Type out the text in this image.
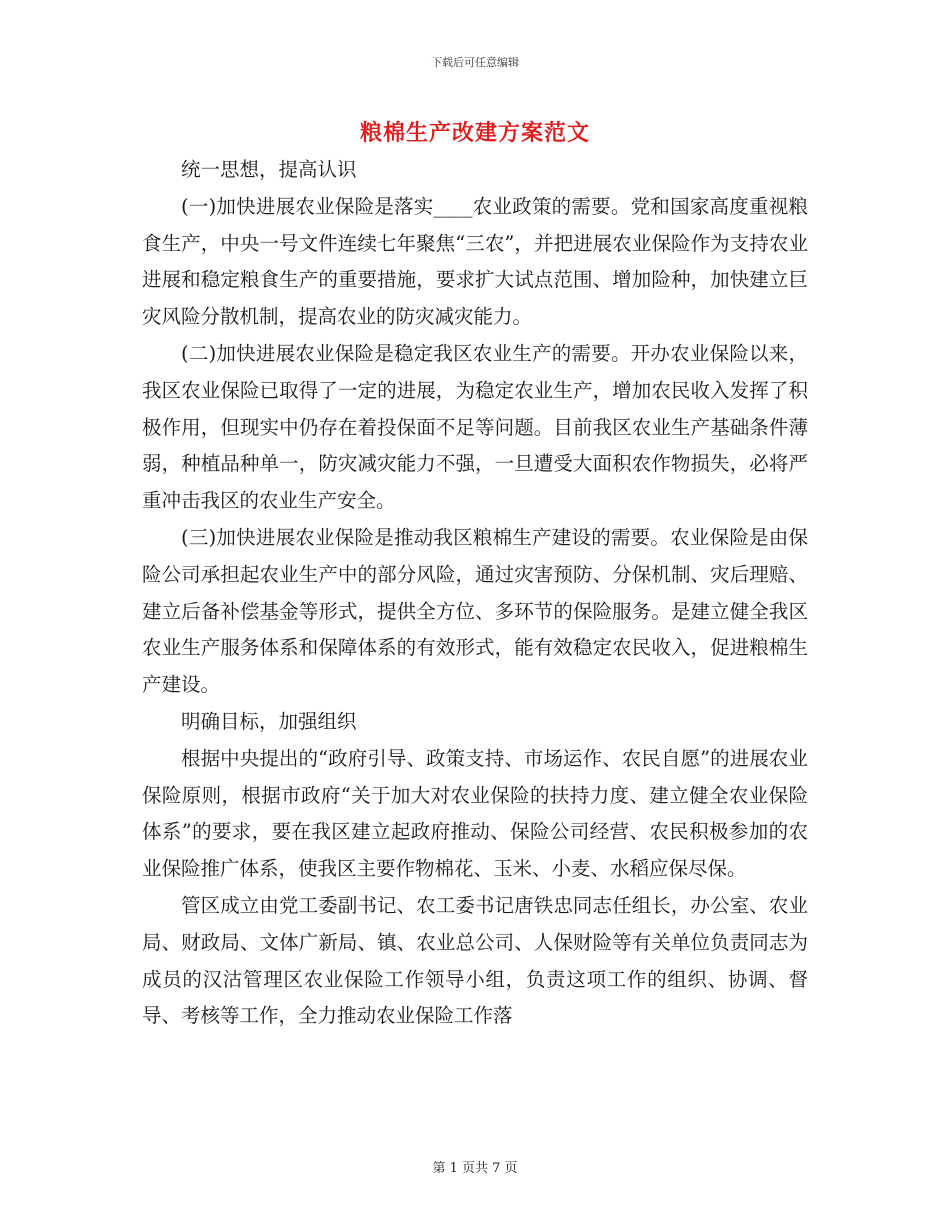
下载后可任意编辑
粮棉生产改建方案范文

统一思想，提高认识

(一)加快进展农业保险是落实____农业政策的需要。党和国家高度重视粮食生产，中央一号文件连续七年聚焦“三农”，并把进展农业保险作为支持农业进展和稳定粮食生产的重要措施，要求扩大试点范围、增加险种，加快建立巨灾风险分散机制，提高农业的防灾减灾能力。

(二)加快进展农业保险是稳定我区农业生产的需要。开办农业保险以来，我区农业保险已取得了一定的进展，为稳定农业生产，增加农民收入发挥了积极作用，但现实中仍存在着投保面不足等问题。目前我区农业生产基础条件薄弱，种植品种单一，防灾减灾能力不强，一旦遭受大面积农作物损失，必将严重冲击我区的农业生产安全。

(三)加快进展农业保险是推动我区粮棉生产建设的需要。农业保险是由保险公司承担起农业生产中的部分风险，通过灾害预防、分保机制、灾后理赔、建立后备补偿基金等形式，提供全方位、多环节的保险服务。是建立健全我区农业生产服务体系和保障体系的有效形式，能有效稳定农民收入，促进粮棉生产建设。

明确目标，加强组织

根据中央提出的“政府引导、政策支持、市场运作、农民自愿”的进展农业保险原则，根据市政府“关于加大对农业保险的扶持力度、建立健全农业保险体系”的要求，要在我区建立起政府推动、保险公司经营、农民积极参加的农业保险推广体系，使我区主要作物棉花、玉米、小麦、水稻应保尽保。

管区成立由党工委副书记、农工委书记唐铁忠同志任组长，办公室、农业局、财政局、文体广新局、镇、农业总公司、人保财险等有关单位负责同志为成员的汉沽管理区农业保险工作领导小组，负责这项工作的组织、协调、督导、考核等工作，全力推动农业保险工作落

第 1 页共 7 页
